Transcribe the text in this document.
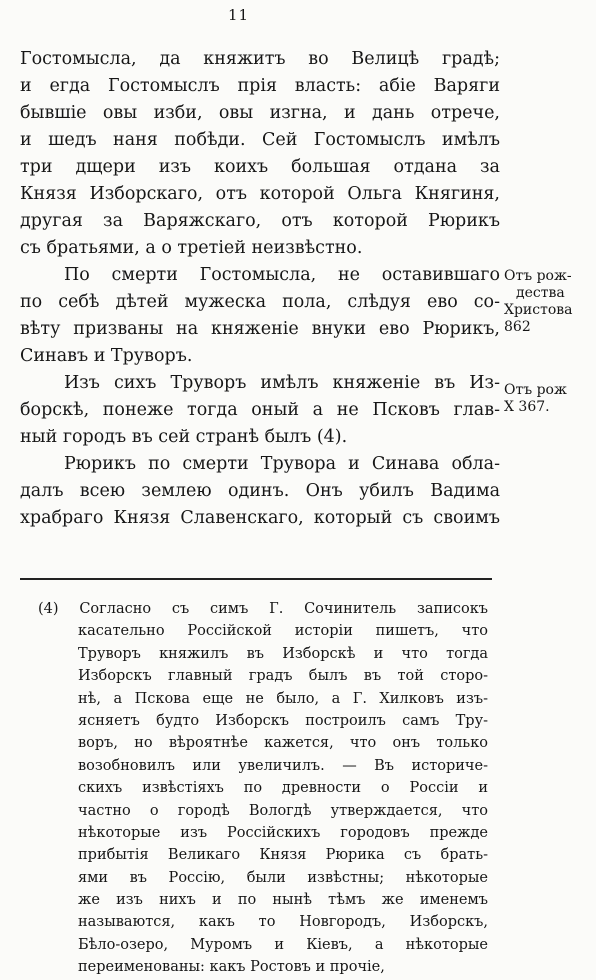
11
Гостомысла, да княжитъ во Велицѣ градѣ;
и егда Гостомыслъ прія власть: абіе Варяги
бывшіе овы изби, овы изгна, и дань отрече,
и шедъ наня побѣди. Сей Гостомыслъ имѣлъ
три дщери изъ коихъ большая отдана за
Князя Изборскаго, отъ которой Ольга Княгиня,
другая за Варяжскаго, отъ которой Рюрикъ
съ братьями, а о третіей неизвѣстно.
По смерти Гостомысла, не оставившаго
по себѣ дѣтей мужеска пола, слѣдуя ево со-
вѣту призваны на княженіе внуки ево Рюрикъ,
Синавъ и Труворъ.
Изъ сихъ Труворъ имѣлъ княженіе въ Из-
борскѣ, понеже тогда оный а не Псковъ глав-
ный городъ въ сей странѣ былъ (4).
Рюрикъ по смерти Трувора и Синава обла-
далъ всею землею одинъ. Онъ убилъ Вадима
храбраго Князя Славенскаго, который съ своимъ
Отъ рож-
дества
Христова
862
Отъ рож
Х 367.
(4) Согласно съ симъ Г. Сочинитель записокъ
касательно Россійской исторіи пишетъ, что
Труворъ княжилъ въ Изборскѣ и что тогда
Изборскъ главный градъ былъ въ той сторо-
нѣ, а Пскова еще не было, а Г. Хилковъ изъ-
ясняетъ будто Изборскъ построилъ самъ Тру-
воръ, но вѣроятнѣе кажется, что онъ только
возобновилъ или увеличилъ. — Въ историче-
скихъ извѣстіяхъ по древности о Россіи и
частно о городѣ Вологдѣ утверждается, что
нѣкоторые изъ Россійскихъ городовъ прежде
прибытія Великаго Князя Рюрика съ брать-
ями въ Россію, были извѣстны; нѣкоторые
же изъ нихъ и по нынѣ тѣмъ же именемъ
называются, какъ то Новгородъ, Изборскъ,
Бѣло-озеро, Муромъ и Кіевъ, а нѣкоторые
переименованы: какъ Ростовъ и прочіе,
